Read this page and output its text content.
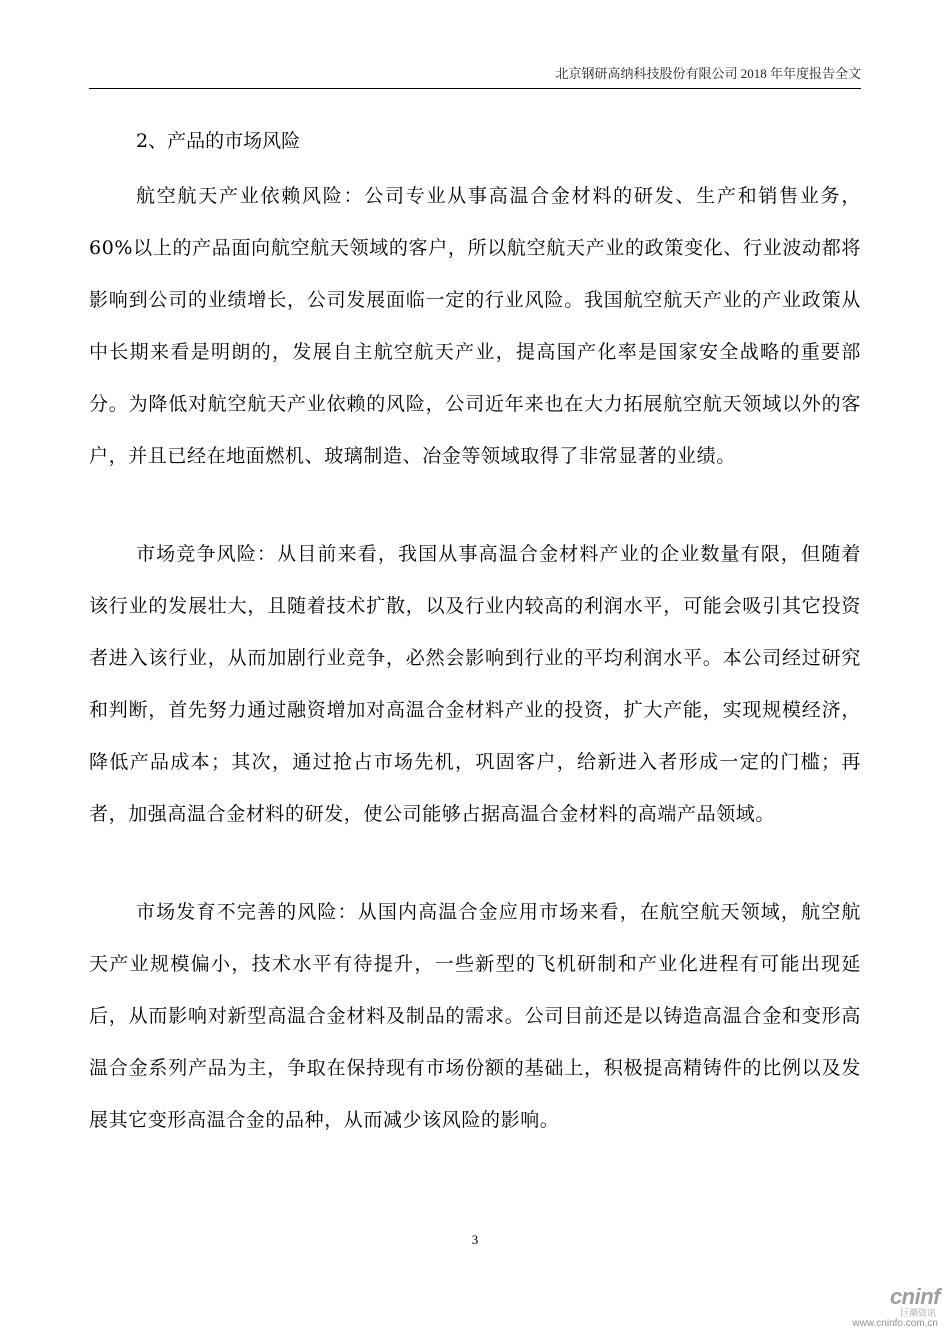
北京钢研高纳科技股份有限公司 2018 年年度报告全文
2、产品的市场风险

航空航天产业依赖风险：公司专业从事高温合金材料的研发、生产和销售业务，60%以上的产品面向航空航天领域的客户，所以航空航天产业的政策变化、行业波动都将影响到公司的业绩增长，公司发展面临一定的行业风险。我国航空航天产业的产业政策从中长期来看是明朗的，发展自主航空航天产业，提高国产化率是国家安全战略的重要部分。为降低对航空航天产业依赖的风险，公司近年来也在大力拓展航空航天领域以外的客户，并且已经在地面燃机、玻璃制造、冶金等领域取得了非常显著的业绩。

市场竞争风险：从目前来看，我国从事高温合金材料产业的企业数量有限，但随着该行业的发展壮大，且随着技术扩散，以及行业内较高的利润水平，可能会吸引其它投资者进入该行业，从而加剧行业竞争，必然会影响到行业的平均利润水平。本公司经过研究和判断，首先努力通过融资增加对高温合金材料产业的投资，扩大产能，实现规模经济，降低产品成本；其次，通过抢占市场先机，巩固客户，给新进入者形成一定的门槛；再者，加强高温合金材料的研发，使公司能够占据高温合金材料的高端产品领域。

市场发育不完善的风险：从国内高温合金应用市场来看，在航空航天领域，航空航天产业规模偏小，技术水平有待提升，一些新型的飞机研制和产业化进程有可能出现延后，从而影响对新型高温合金材料及制品的需求。公司目前还是以铸造高温合金和变形高温合金系列产品为主，争取在保持现有市场份额的基础上，积极提高精铸件的比例以及发展其它变形高温合金的品种，从而减少该风险的影响。

3
cninf
巨潮资讯
www.cninfo.com.cn
